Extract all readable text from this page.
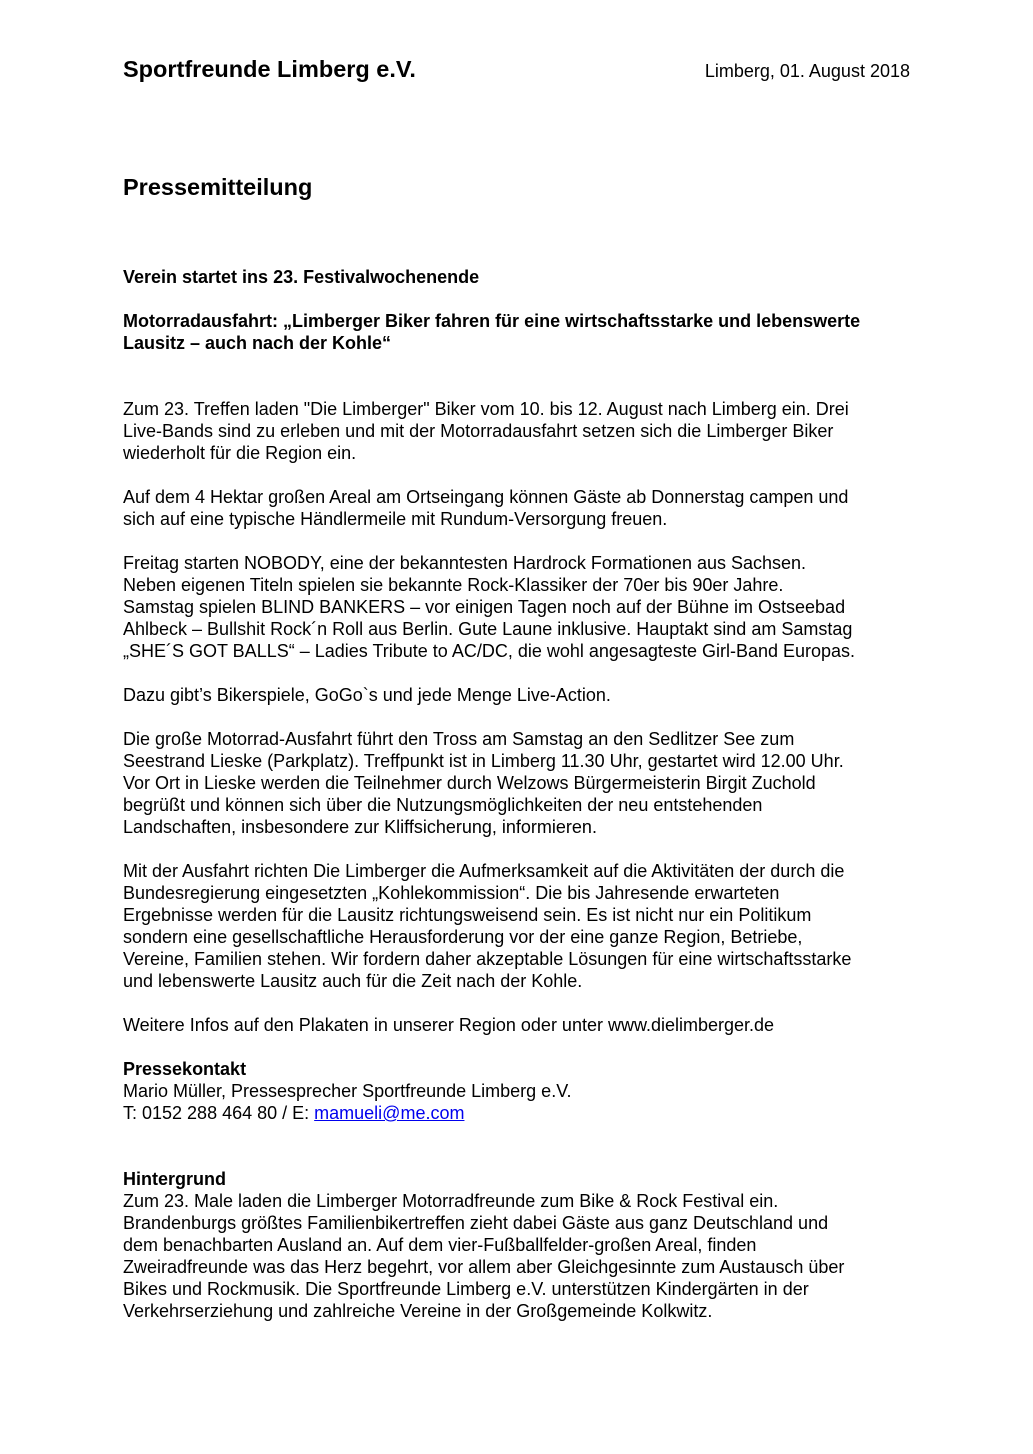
Sportfreunde Limberg e.V.	Limberg, 01. August 2018
Pressemitteilung
Verein startet ins 23. Festivalwochenende
Motorradausfahrt: „Limberger Biker fahren für eine wirtschaftsstarke und lebenswerte
Lausitz – auch nach der Kohle“

Zum 23. Treffen laden "Die Limberger" Biker vom 10. bis 12. August nach Limberg ein. Drei
Live-Bands sind zu erleben und mit der Motorradausfahrt setzen sich die Limberger Biker
wiederholt für die Region ein.

Auf dem 4 Hektar großen Areal am Ortseingang können Gäste ab Donnerstag campen und
sich auf eine typische Händlermeile mit Rundum-Versorgung freuen.

Freitag starten NOBODY, eine der bekanntesten Hardrock Formationen aus Sachsen.
Neben eigenen Titeln spielen sie bekannte Rock-Klassiker der 70er bis 90er Jahre.
Samstag spielen BLIND BANKERS – vor einigen Tagen noch auf der Bühne im Ostseebad
Ahlbeck – Bullshit Rock´n Roll aus Berlin. Gute Laune inklusive. Hauptakt sind am Samstag
„SHE´S GOT BALLS“ – Ladies Tribute to AC/DC, die wohl angesagteste Girl-Band Europas.

Dazu gibt’s Bikerspiele, GoGo`s und jede Menge Live-Action.

Die große Motorrad-Ausfahrt führt den Tross am Samstag an den Sedlitzer See zum
Seestrand Lieske (Parkplatz). Treffpunkt ist in Limberg 11.30 Uhr, gestartet wird 12.00 Uhr.
Vor Ort in Lieske werden die Teilnehmer durch Welzows Bürgermeisterin Birgit Zuchold
begrüßt und können sich über die Nutzungsmöglichkeiten der neu entstehenden
Landschaften, insbesondere zur Kliffsicherung, informieren.

Mit der Ausfahrt richten Die Limberger die Aufmerksamkeit auf die Aktivitäten der durch die
Bundesregierung eingesetzten „Kohlekommission“. Die bis Jahresende erwarteten
Ergebnisse werden für die Lausitz richtungsweisend sein. Es ist nicht nur ein Politikum
sondern eine gesellschaftliche Herausforderung vor der eine ganze Region, Betriebe,
Vereine, Familien stehen. Wir fordern daher akzeptable Lösungen für eine wirtschaftsstarke
und lebenswerte Lausitz auch für die Zeit nach der Kohle.

Weitere Infos auf den Plakaten in unserer Region oder unter www.dielimberger.de

Pressekontakt
Mario Müller, Pressesprecher Sportfreunde Limberg e.V.
T: 0152 288 464 80 / E: mamueli@me.com
Hintergrund
Zum 23. Male laden die Limberger Motorradfreunde zum Bike & Rock Festival ein.
Brandenburgs größtes Familienbikertreffen zieht dabei Gäste aus ganz Deutschland und
dem benachbarten Ausland an. Auf dem vier-Fußballfelder-großen Areal, finden
Zweiradfreunde was das Herz begehrt, vor allem aber Gleichgesinnte zum Austausch über
Bikes und Rockmusik. Die Sportfreunde Limberg e.V. unterstützen Kindergärten in der
Verkehrserziehung und zahlreiche Vereine in der Großgemeinde Kolkwitz.
